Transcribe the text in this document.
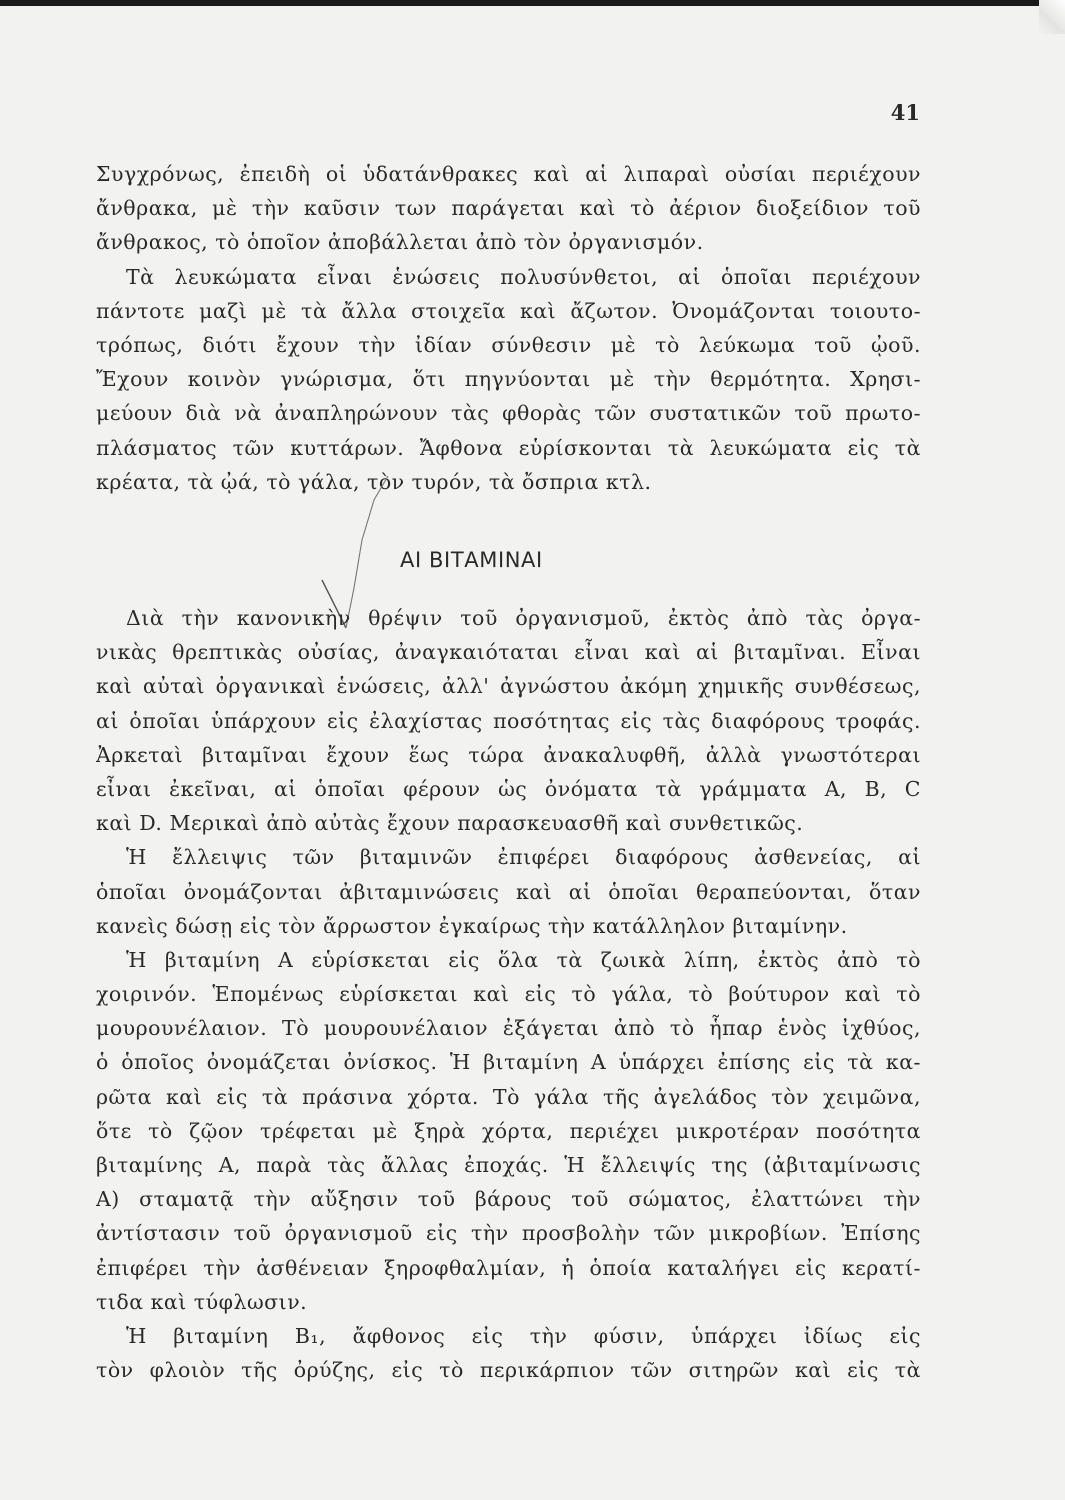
41
Συγχρόνως, ἐπειδὴ οἱ ὑδατάνθρακες καὶ αἱ λιπαραὶ οὐσίαι περιέχουν
ἄνθρακα, μὲ τὴν καῦσιν των παράγεται καὶ τὸ ἀέριον διοξείδιον τοῦ
ἄνθρακος, τὸ ὁποῖον ἀποβάλλεται ἀπὸ τὸν ὀργανισμόν.
Τὰ λευκώματα εἶναι ἑνώσεις πολυσύνθετοι, αἱ ὁποῖαι περιέχουν
πάντοτε μαζὶ μὲ τὰ ἄλλα στοιχεῖα καὶ ἄζωτον. Ὀνομάζονται τοιουτο-
τρόπως, διότι ἔχουν τὴν ἰδίαν σύνθεσιν μὲ τὸ λεύκωμα τοῦ ᾠοῦ.
Ἔχουν κοινὸν γνώρισμα, ὅτι πηγνύονται μὲ τὴν θερμότητα. Χρησι-
μεύουν διὰ νὰ ἀναπληρώνουν τὰς φθορὰς τῶν συστατικῶν τοῦ πρωτο-
πλάσματος τῶν κυττάρων. Ἄφθονα εὑρίσκονται τὰ λευκώματα εἰς τὰ
κρέατα, τὰ ᾠά, τὸ γάλα, τὸν τυρόν, τὰ ὄσπρια κτλ.
ΑΙ ΒΙΤΑΜΙΝΑΙ
Διὰ τὴν κανονικὴν θρέψιν τοῦ ὀργανισμοῦ, ἐκτὸς ἀπὸ τὰς ὀργα-
νικὰς θρεπτικὰς οὐσίας, ἀναγκαιόταται εἶναι καὶ αἱ βιταμῖναι. Εἶναι
καὶ αὐταὶ ὀργανικαὶ ἑνώσεις, ἀλλ' ἀγνώστου ἀκόμη χημικῆς συνθέσεως,
αἱ ὁποῖαι ὑπάρχουν εἰς ἐλαχίστας ποσότητας εἰς τὰς διαφόρους τροφάς.
Ἀρκεταὶ βιταμῖναι ἔχουν ἕως τώρα ἀνακαλυφθῆ, ἀλλὰ γνωστότεραι
εἶναι ἐκεῖναι, αἱ ὁποῖαι φέρουν ὡς ὀνόματα τὰ γράμματα A, B, C
καὶ D. Μερικαὶ ἀπὸ αὐτὰς ἔχουν παρασκευασθῆ καὶ συνθετικῶς.
Ἡ ἔλλειψις τῶν βιταμινῶν ἐπιφέρει διαφόρους ἀσθενείας, αἱ
ὁποῖαι ὀνομάζονται ἀβιταμινώσεις καὶ αἱ ὁποῖαι θεραπεύονται, ὅταν
κανεὶς δώσῃ εἰς τὸν ἄρρωστον ἐγκαίρως τὴν κατάλληλον βιταμίνην.
Ἡ βιταμίνη A εὑρίσκεται εἰς ὅλα τὰ ζωικὰ λίπη, ἐκτὸς ἀπὸ τὸ
χοιρινόν. Ἑπομένως εὑρίσκεται καὶ εἰς τὸ γάλα, τὸ βούτυρον καὶ τὸ
μουρουνέλαιον. Τὸ μουρουνέλαιον ἐξάγεται ἀπὸ τὸ ἧπαρ ἑνὸς ἰχθύος,
ὁ ὁποῖος ὀνομάζεται ὀνίσκος. Ἡ βιταμίνη A ὑπάρχει ἐπίσης εἰς τὰ κα-
ρῶτα καὶ εἰς τὰ πράσινα χόρτα. Τὸ γάλα τῆς ἀγελάδος τὸν χειμῶνα,
ὅτε τὸ ζῷον τρέφεται μὲ ξηρὰ χόρτα, περιέχει μικροτέραν ποσότητα
βιταμίνης A, παρὰ τὰς ἄλλας ἐποχάς. Ἡ ἔλλειψίς της (ἀβιταμίνωσις
A) σταματᾷ τὴν αὔξησιν τοῦ βάρους τοῦ σώματος, ἐλαττώνει τὴν
ἀντίστασιν τοῦ ὀργανισμοῦ εἰς τὴν προσβολὴν τῶν μικροβίων. Ἐπίσης
ἐπιφέρει τὴν ἀσθένειαν ξηροφθαλμίαν, ἡ ὁποία καταλήγει εἰς κερατί-
τιδα καὶ τύφλωσιν.
Ἡ βιταμίνη B₁, ἄφθονος εἰς τὴν φύσιν, ὑπάρχει ἰδίως εἰς
τὸν φλοιὸν τῆς ὀρύζης, εἰς τὸ περικάρπιον τῶν σιτηρῶν καὶ εἰς τὰ
